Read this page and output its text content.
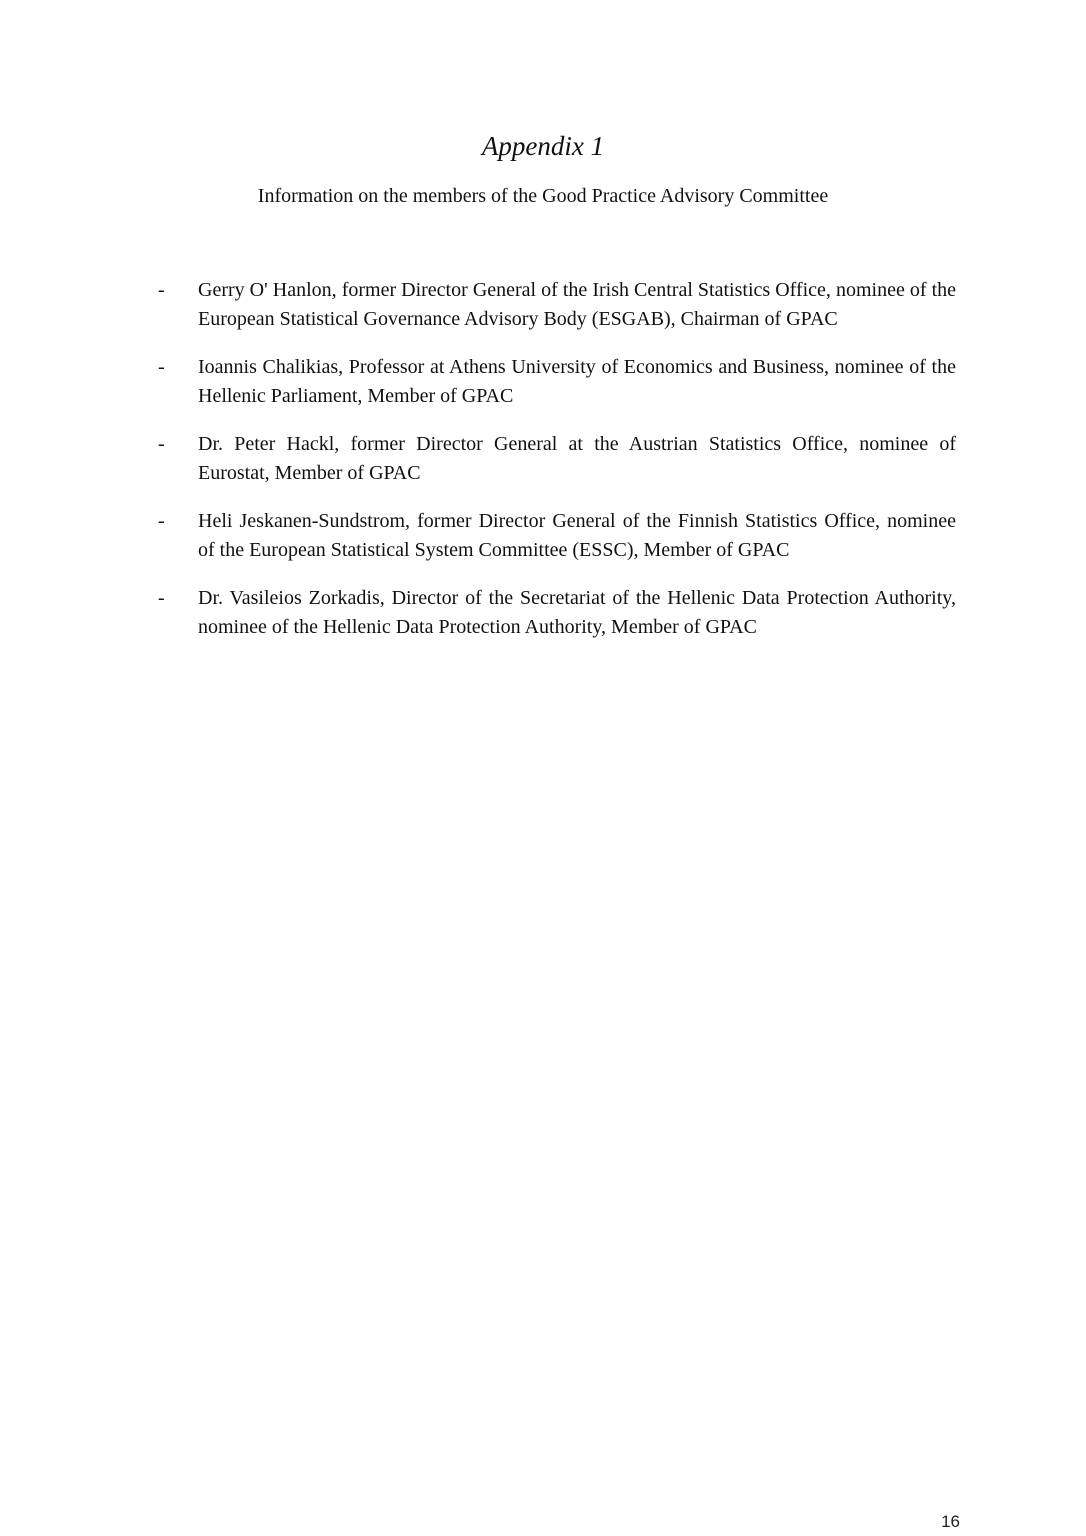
Appendix 1
Information on the members of the Good Practice Advisory Committee
-	Gerry O' Hanlon, former Director General of the Irish Central Statistics Office, nominee of the European Statistical Governance Advisory Body (ESGAB), Chairman of GPAC
-	Ioannis Chalikias, Professor at Athens University of Economics and Business, nominee of the Hellenic Parliament, Member of GPAC
-	Dr. Peter Hackl, former Director General at the Austrian Statistics Office, nominee of Eurostat, Member of GPAC
-	Heli Jeskanen-Sundstrom, former Director General of the Finnish Statistics Office, nominee of the European Statistical System Committee (ESSC), Member of GPAC
-	Dr. Vasileios Zorkadis, Director of the Secretariat of the Hellenic Data Protection Authority, nominee of the Hellenic Data Protection Authority, Member of GPAC
16
